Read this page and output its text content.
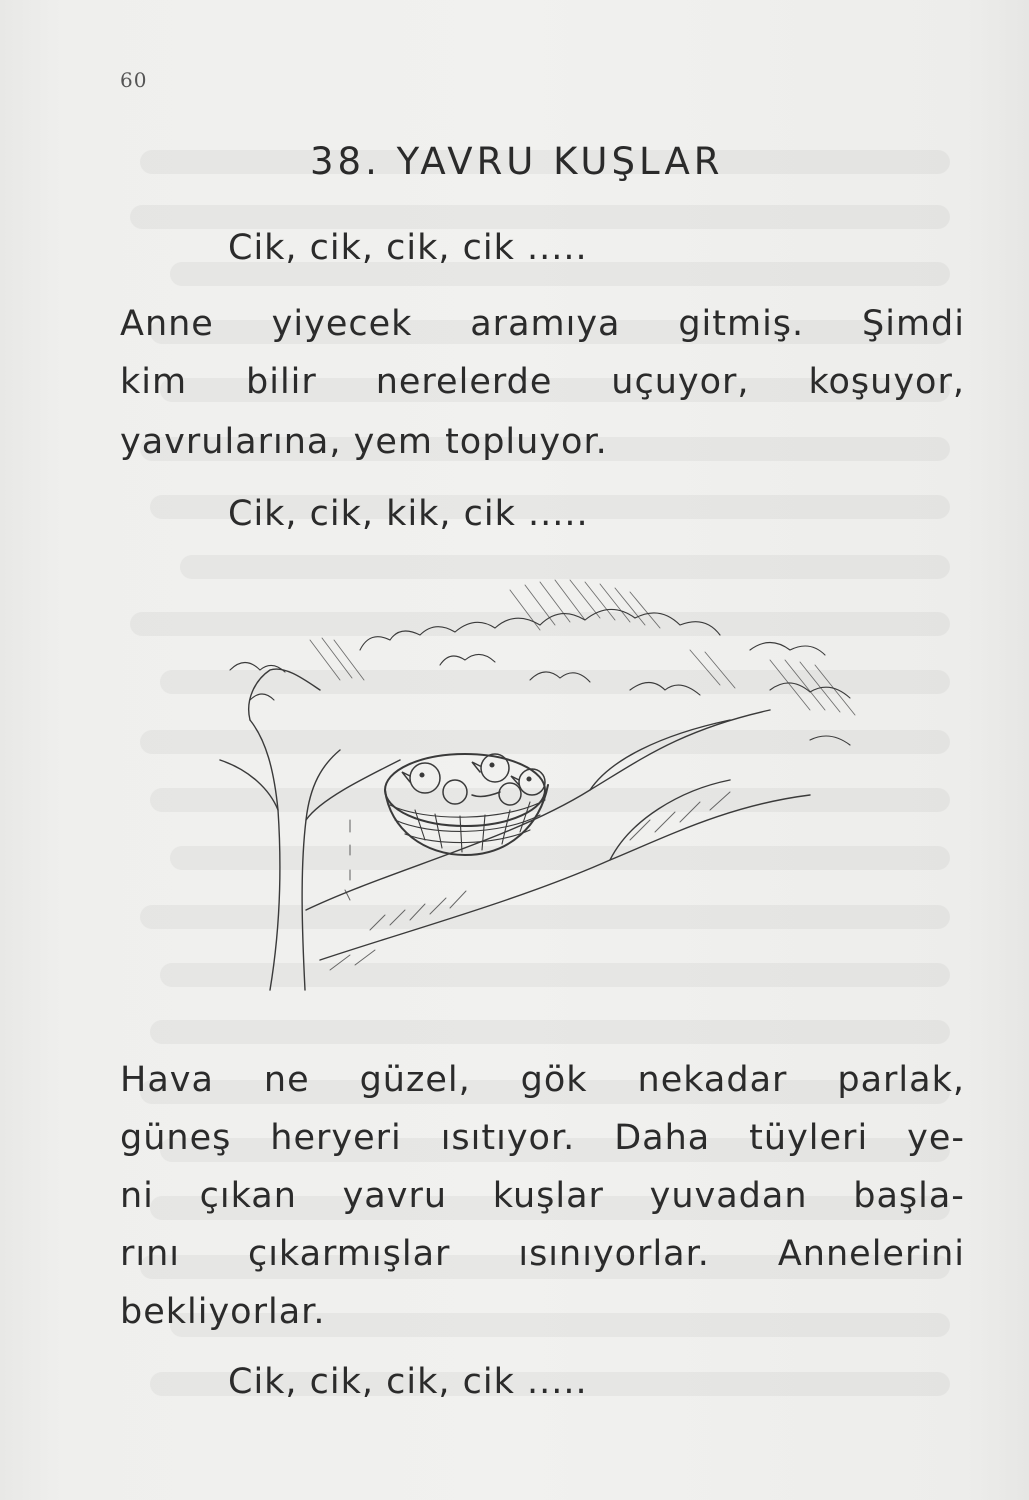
60
38. YAVRU KUŞLAR
Cik, cik, cik, cik .....
Anne yiyecek aramıya gitmiş. Şimdi
kim bilir nerelerde uçuyor, koşuyor,
yavrularına, yem topluyor.
Cik, cik, kik, cik .....
Hava ne güzel, gök nekadar parlak,
güneş heryeri ısıtıyor. Daha tüyleri ye-
ni çıkan yavru kuşlar yuvadan başla-
rını çıkarmışlar ısınıyorlar. Annelerini
bekliyorlar.
Cik, cik, cik, cik .....
